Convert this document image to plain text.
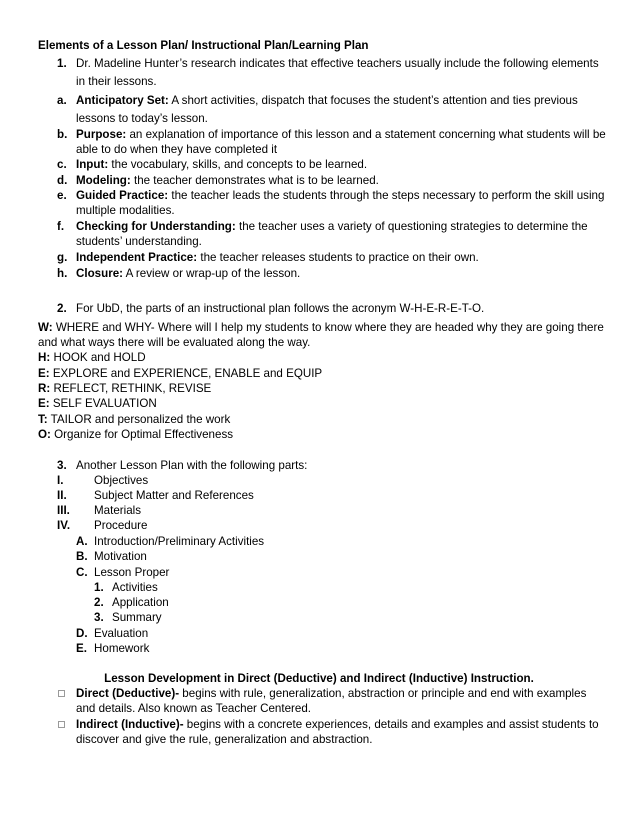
Elements of a Lesson Plan/ Instructional Plan/Learning Plan
1. Dr. Madeline Hunter’s research indicates that effective teachers usually include the following elements
in their lessons.
a. Anticipatory Set: A short activities, dispatch that focuses the student’s attention and ties previous
lessons to today’s lesson.
b. Purpose: an explanation of importance of this lesson and a statement concerning what students will be
able to do when they have completed it
c. Input: the vocabulary, skills, and concepts to be learned.
d. Modeling: the teacher demonstrates what is to be learned.
e. Guided Practice: the teacher leads the students through the steps necessary to perform the skill using
multiple modalities.
f. Checking for Understanding: the teacher uses a variety of questioning strategies to determine the
students’ understanding.
g. Independent Practice: the teacher releases students to practice on their own.
h. Closure: A review or wrap-up of the lesson.
2. For UbD, the parts of an instructional plan follows the acronym W-H-E-R-E-T-O.
W: WHERE and WHY- Where will I help my students to know where they are headed why they are going there
and what ways there will be evaluated along the way.
H: HOOK and HOLD
E: EXPLORE and EXPERIENCE, ENABLE and EQUIP
R: REFLECT, RETHINK, REVISE
E: SELF EVALUATION
T: TAILOR and personalized the work
O: Organize for Optimal Effectiveness
3. Another Lesson Plan with the following parts:
I.	Objectives
II. Subject Matter and References
III. Materials
IV. Procedure
A. Introduction/Preliminary Activities
B. Motivation
C. Lesson Proper
1. Activities
2. Application
3. Summary
D. Evaluation
E. Homework
Lesson Development in Direct (Deductive) and Indirect (Inductive) Instruction.
Direct (Deductive)- begins with rule, generalization, abstraction or principle and end with examples
and details. Also known as Teacher Centered.
Indirect (Inductive)- begins with a concrete experiences, details and examples and assist students to
discover and give the rule, generalization and abstraction.
